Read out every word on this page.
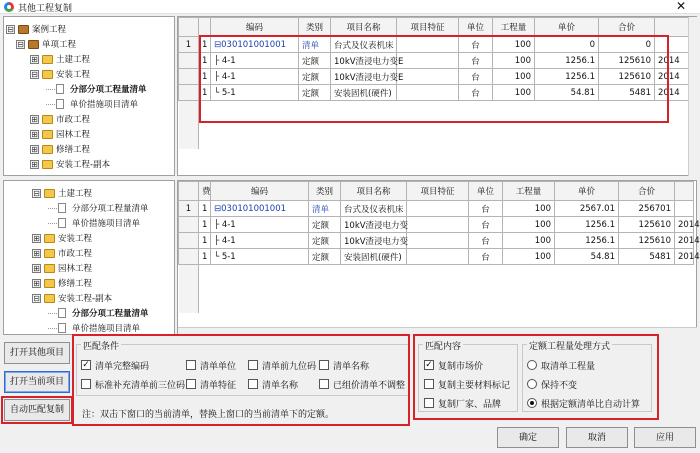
其他工程复制	✕
⊟ 案例工程
⊟ 单项工程
⊞ 土建工程
⊟ 安装工程
分部分项工程量清单
单价措施项目清单
⊞ 市政工程
⊞ 园林工程
⊞ 修缮工程
⊞ 安装工程-副本
⊟ 土建工程
分部分项工程量清单
单价措施项目清单
⊞ 安装工程
⊞ 市政工程
⊞ 园林工程
⊞ 修缮工程
⊟ 安装工程-副本
分部分项工程量清单
单价措施项目清单
		编码	类别	项目名称	项目特征	单位	工程量	单价	合价	
1	1	⊟030101001001	清单	台式及仪表机床		台	100	0	0	
	1	├ 4-1	定额	10kV渣浸电力变E		台	100	1256.1	125610	2014
	1	├ 4-1	定额	10kV渣浸电力变E		台	100	1256.1	125610	2014
	1	└ 5-1	定额	安装固机(硬件)		台	100	54.81	5481	2014

	费	编码	类别	项目名称	项目特征	单位	工程量	单价	合价	
1	1	⊟030101001001	清单	台式及仪表机床		台	100	2567.01	256701	
	1	├ 4-1	定额	10kV渣浸电力变		台	100	1256.1	125610	2014
	1	├ 4-1	定额	10kV渣浸电力变		台	100	1256.1	125610	2014
	1	└ 5-1	定额	安装固机(硬件)		台	100	54.81	5481	2014

打开其他项目
打开当前项目
自动匹配复制
匹配条件
✓ 清单完整编码	清单单位	清单前九位码 清单名称
标准补充清单前三位码 清单特征	清单名称	已组价清单不调整
注：双击下窗口的当前清单，替换上窗口的当前清单下的定额。
匹配内容
✓ 复制市场价
复制主要材料标记
复制厂家、品牌
定额工程量处理方式
取清单工程量
保持不变
根据定额清单比自动计算
确定	取消	应用
